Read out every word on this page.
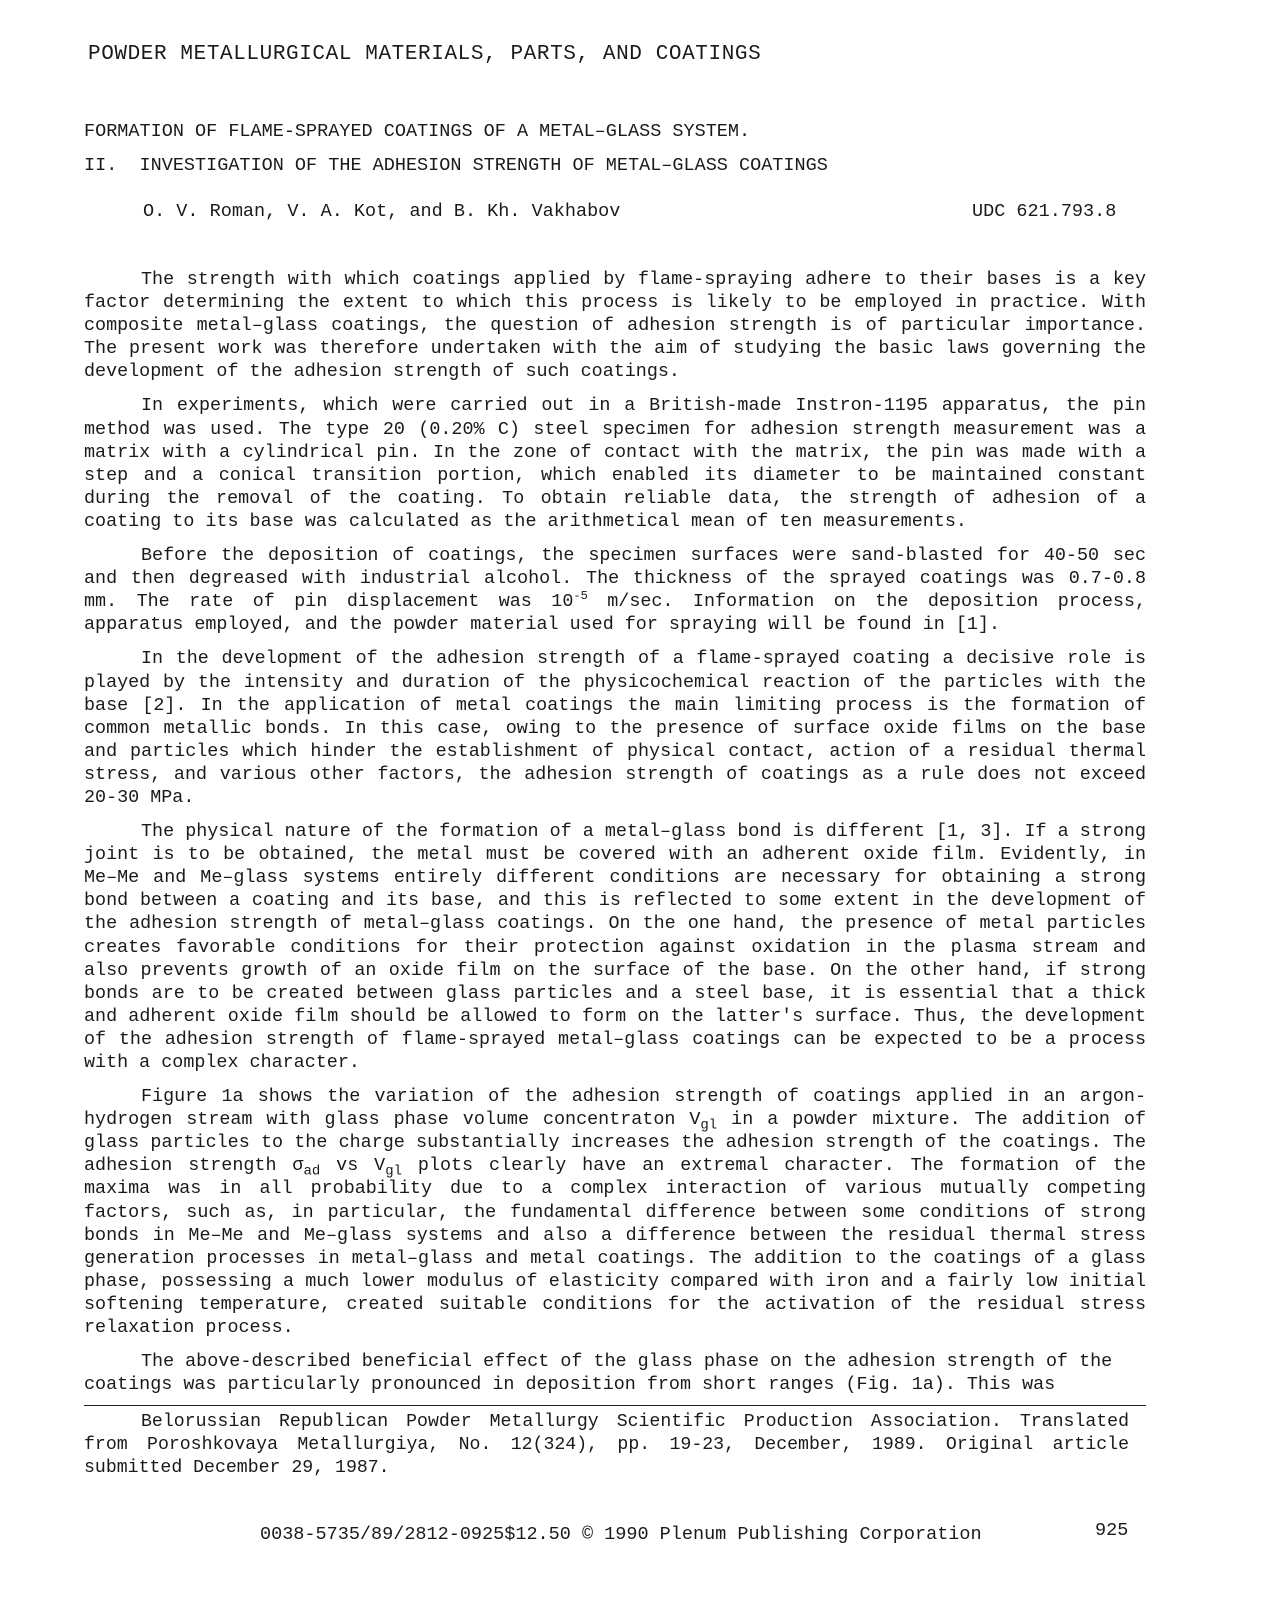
POWDER METALLURGICAL MATERIALS, PARTS, AND COATINGS
FORMATION OF FLAME-SPRAYED COATINGS OF A METAL–GLASS SYSTEM.
II.  INVESTIGATION OF THE ADHESION STRENGTH OF METAL–GLASS COATINGS
O. V. Roman, V. A. Kot, and B. Kh. Vakhabov	UDC 621.793.8

The strength with which coatings applied by flame-spraying adhere to their bases is a key factor determining the extent to which this process is likely to be employed in practice. With composite metal–glass coatings, the question of adhesion strength is of particular importance. The present work was therefore undertaken with the aim of studying the basic laws governing the development of the adhesion strength of such coatings.

In experiments, which were carried out in a British-made Instron-1195 apparatus, the pin method was used. The type 20 (0.20% C) steel specimen for adhesion strength measurement was a matrix with a cylindrical pin. In the zone of contact with the matrix, the pin was made with a step and a conical transition portion, which enabled its diameter to be maintained constant during the removal of the coating. To obtain reliable data, the strength of adhesion of a coating to its base was calculated as the arithmetical mean of ten measurements.

Before the deposition of coatings, the specimen surfaces were sand-blasted for 40-50 sec and then degreased with industrial alcohol. The thickness of the sprayed coatings was 0.7-0.8 mm. The rate of pin displacement was $10^{-5}$ m/sec. Information on the deposition process, apparatus employed, and the powder material used for spraying will be found in [1].

In the development of the adhesion strength of a flame-sprayed coating a decisive role is played by the intensity and duration of the physicochemical reaction of the particles with the base [2]. In the application of metal coatings the main limiting process is the formation of common metallic bonds. In this case, owing to the presence of surface oxide films on the base and particles which hinder the establishment of physical contact, action of a residual thermal stress, and various other factors, the adhesion strength of coatings as a rule does not exceed 20-30 MPa.

The physical nature of the formation of a metal–glass bond is different [1, 3]. If a strong joint is to be obtained, the metal must be covered with an adherent oxide film. Evidently, in Me–Me and Me–glass systems entirely different conditions are necessary for obtaining a strong bond between a coating and its base, and this is reflected to some extent in the development of the adhesion strength of metal–glass coatings. On the one hand, the presence of metal particles creates favorable conditions for their protection against oxidation in the plasma stream and also prevents growth of an oxide film on the surface of the base. On the other hand, if strong bonds are to be created between glass particles and a steel base, it is essential that a thick and adherent oxide film should be allowed to form on the latter's surface. Thus, the development of the adhesion strength of flame-sprayed metal–glass coatings can be expected to be a process with a complex character.

Figure 1a shows the variation of the adhesion strength of coatings applied in an argon-hydrogen stream with glass phase volume concentraton $V_{gl}$ in a powder mixture. The addition of glass particles to the charge substantially increases the adhesion strength of the coatings. The adhesion strength $\sigma_{ad}$ vs $V_{gl}$ plots clearly have an extremal character. The formation of the maxima was in all probability due to a complex interaction of various mutually competing factors, such as, in particular, the fundamental difference between some conditions of strong bonds in Me–Me and Me–glass systems and also a difference between the residual thermal stress generation processes in metal–glass and metal coatings. The addition to the coatings of a glass phase, possessing a much lower modulus of elasticity compared with iron and a fairly low initial softening temperature, created suitable conditions for the activation of the residual stress relaxation process.

The above-described beneficial effect of the glass phase on the adhesion strength of the coatings was particularly pronounced in deposition from short ranges (Fig. 1a). This was

Belorussian Republican Powder Metallurgy Scientific Production Association. Translated from Poroshkovaya Metallurgiya, No. 12(324), pp. 19-23, December, 1989. Original article submitted December 29, 1987.

0038-5735/89/2812-0925$12.50 © 1990 Plenum Publishing Corporation	925
